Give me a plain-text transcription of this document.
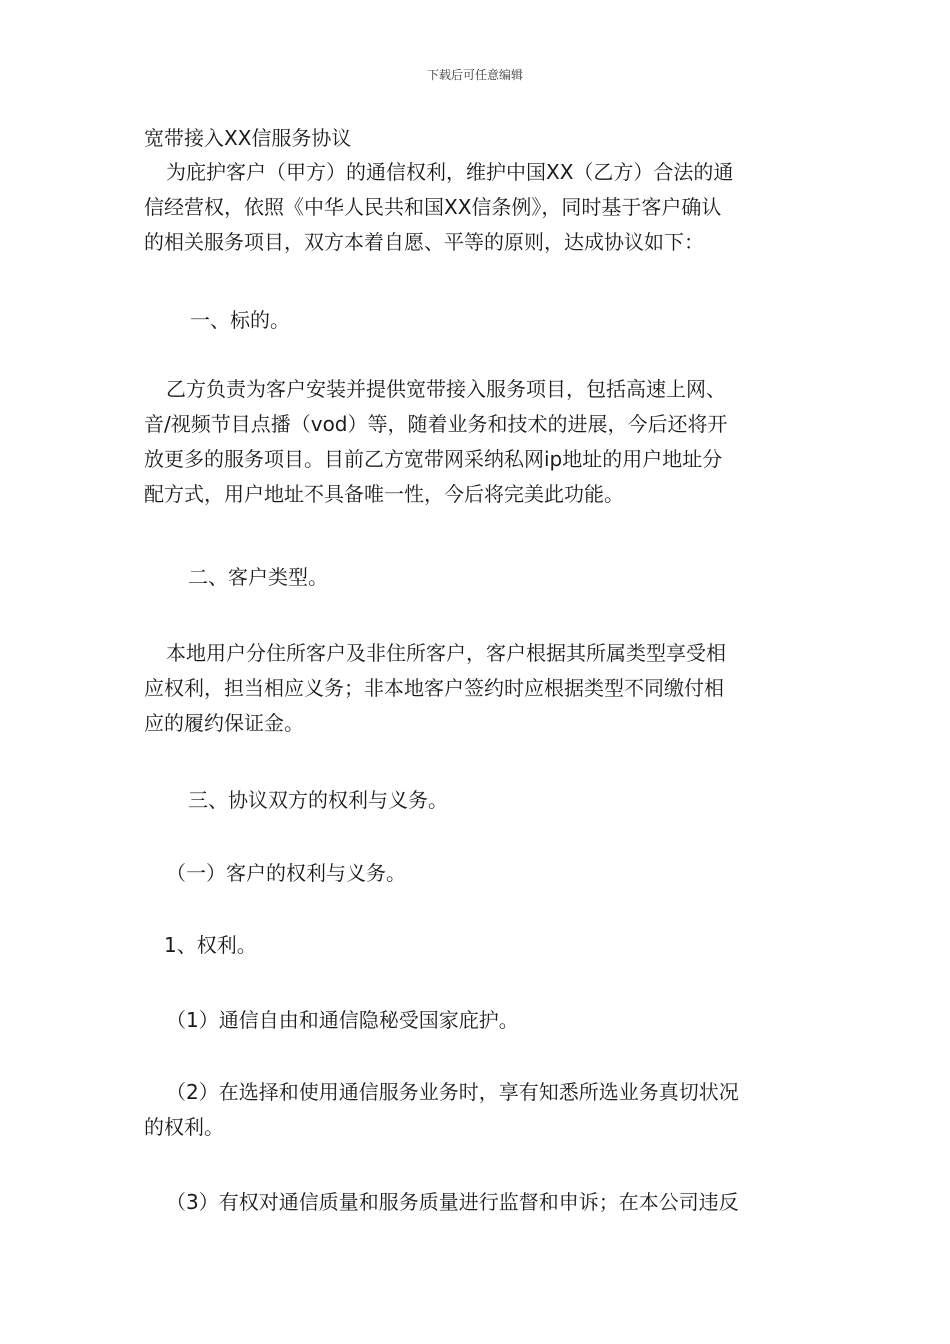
下载后可任意编辑
宽带接入XX信服务协议

为庇护客户（甲方）的通信权利，维护中国XX（乙方）合法的通
信经营权，依照《中华人民共和国XX信条例》，同时基于客户确认
的相关服务项目，双方本着自愿、平等的原则，达成协议如下：

一、标的。

乙方负责为客户安装并提供宽带接入服务项目，包括高速上网、
音/视频节目点播（vod）等，随着业务和技术的进展，今后还将开
放更多的服务项目。目前乙方宽带网采纳私网ip地址的用户地址分
配方式，用户地址不具备唯一性，今后将完美此功能。

二、客户类型。

本地用户分住所客户及非住所客户，客户根据其所属类型享受相
应权利，担当相应义务；非本地客户签约时应根据类型不同缴付相
应的履约保证金。

三、协议双方的权利与义务。

（一）客户的权利与义务。

1、权利。

（1）通信自由和通信隐秘受国家庇护。

（2）在选择和使用通信服务业务时，享有知悉所选业务真切状况
的权利。

（3）有权对通信质量和服务质量进行监督和申诉；在本公司违反
